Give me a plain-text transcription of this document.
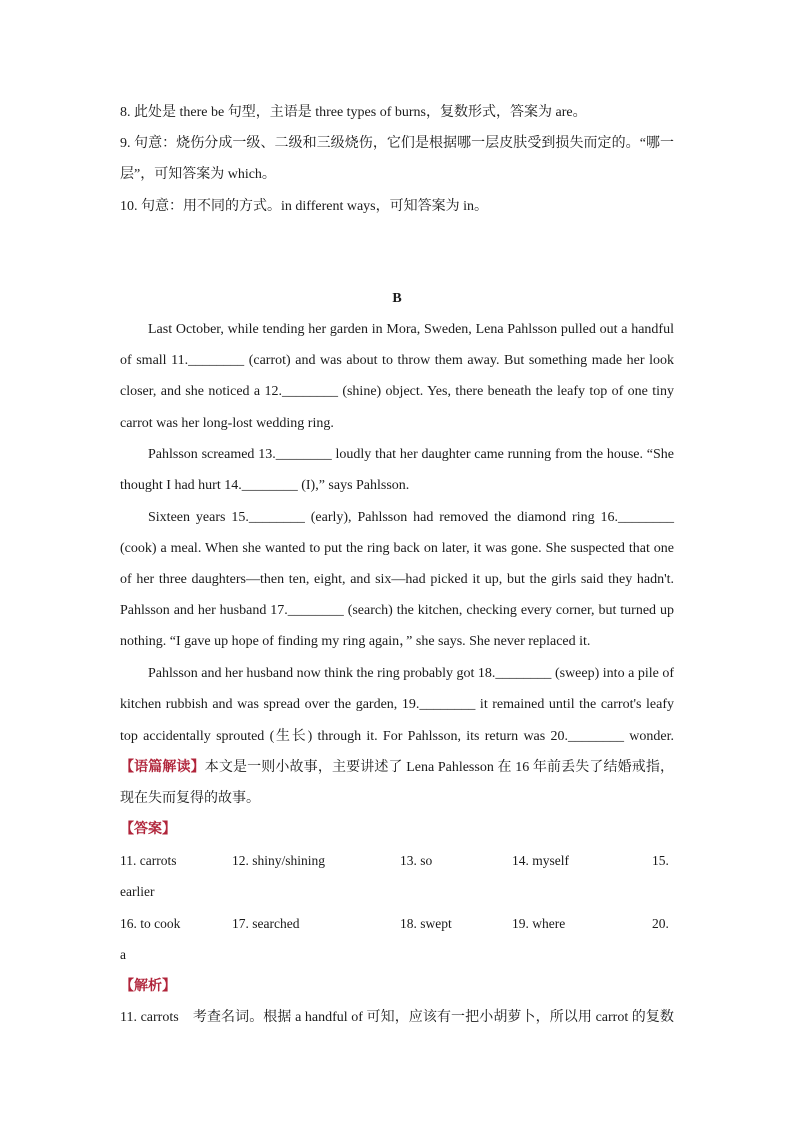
8. 此处是 there be 句型，主语是 three types of burns，复数形式，答案为 are。
9. 句意：烧伤分成一级、二级和三级烧伤，它们是根据哪一层皮肤受到损失而定的。“哪一
层”，可知答案为 which。
10. 句意：用不同的方式。in different ways，可知答案为 in。
B
Last October, while tending her garden in Mora, Sweden, Lena Pahlsson pulled out a handful
of small 11.________ (carrot) and was about to throw them away. But something made her look
closer, and she noticed a 12.________ (shine) object. Yes, there beneath the leafy top of one tiny
carrot was her long-lost wedding ring.
Pahlsson screamed 13.________ loudly that her daughter came running from the house. “She
thought I had hurt 14.________ (I),” says Pahlsson.
Sixteen years 15.________ (early), Pahlsson had removed the diamond ring 16.________
(cook) a meal. When she wanted to put the ring back on later, it was gone. She suspected that one
of her three daughters—then ten, eight, and six—had picked it up, but the girls said they hadn't.
Pahlsson and her husband 17.________ (search) the kitchen, checking every corner, but turned up
nothing. “I gave up hope of finding my ring again，” she says. She never replaced it.
Pahlsson and her husband now think the ring probably got 18.________ (sweep) into a pile of
kitchen rubbish and was spread over the garden, 19.________ it remained until the carrot's leafy
top accidentally sprouted (生长) through it. For Pahlsson, its return was 20.________ wonder.
【语篇解读】本文是一则小故事，主要讲述了 Lena Pahlesson 在 16 年前丢失了结婚戒指，
现在失而复得的故事。
【答案】
11. carrots	12. shiny/shining	13. so	14. myself	15.
earlier
16. to cook	17. searched	18. swept	19. where	20.
a
【解析】
11. carrots　考查名词。根据 a handful of 可知，应该有一把小胡萝卜，所以用 carrot 的复数
